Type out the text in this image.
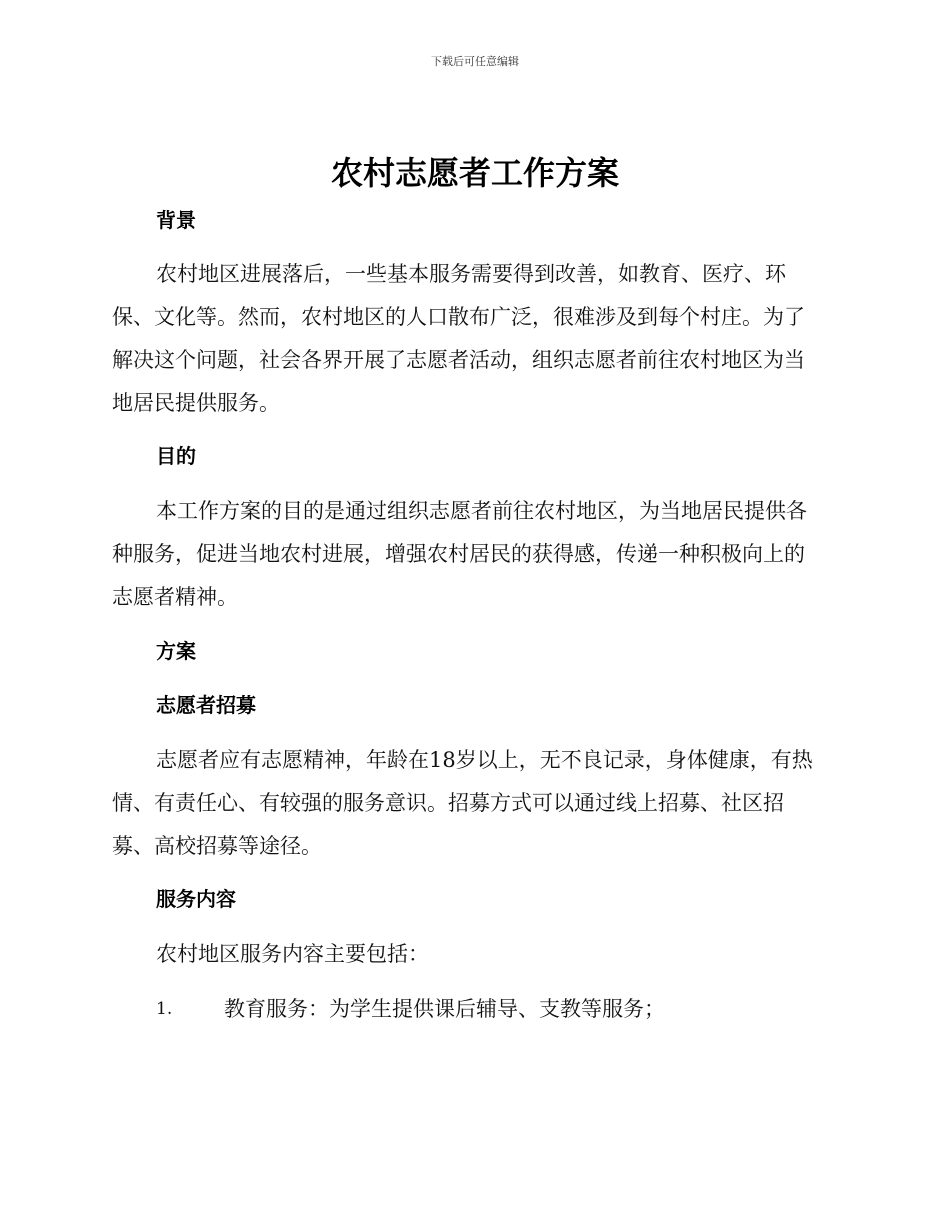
下载后可任意编辑
农村志愿者工作方案
背景
农村地区进展落后，一些基本服务需要得到改善，如教育、医疗、环
保、文化等。然而，农村地区的人口散布广泛，很难涉及到每个村庄。为了
解决这个问题，社会各界开展了志愿者活动，组织志愿者前往农村地区为当
地居民提供服务。
目的
本工作方案的目的是通过组织志愿者前往农村地区，为当地居民提供各
种服务，促进当地农村进展，增强农村居民的获得感，传递一种积极向上的
志愿者精神。
方案
志愿者招募
志愿者应有志愿精神，年龄在18岁以上，无不良记录，身体健康，有热
情、有责任心、有较强的服务意识。招募方式可以通过线上招募、社区招
募、高校招募等途径。
服务内容
农村地区服务内容主要包括：
1. 教育服务：为学生提供课后辅导、支教等服务；
